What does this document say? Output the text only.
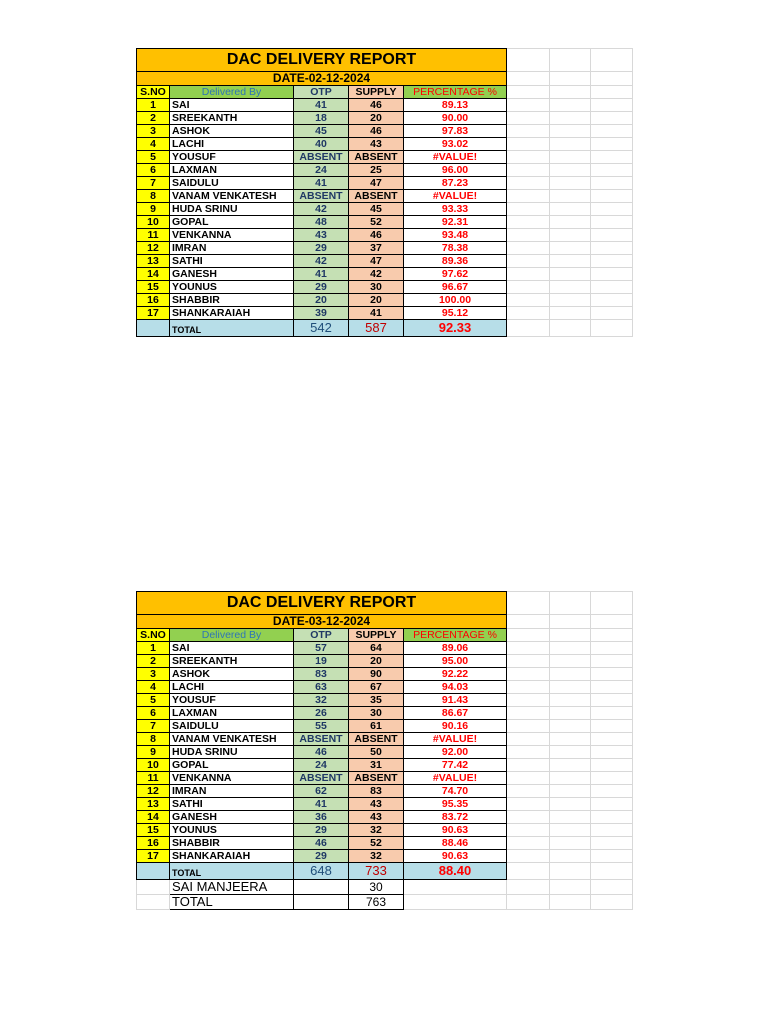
DAC DELIVERY REPORT							
DATE-02-12-2024							
S.NO	Delivered By	OTP	SUPPLY	PERCENTAGE %			
1	SAI	41	46	89.13			
2	SREEKANTH	18	20	90.00			
3	ASHOK	45	46	97.83			
4	LACHI	40	43	93.02			
5	YOUSUF	ABSENT	ABSENT	#VALUE!			
6	LAXMAN	24	25	96.00			
7	SAIDULU	41	47	87.23			
8	VANAM VENKATESH	ABSENT	ABSENT	#VALUE!			
9	HUDA SRINU	42	45	93.33			
10	GOPAL	48	52	92.31			
11	VENKANNA	43	46	93.48			
12	IMRAN	29	37	78.38			
13	SATHI	42	47	89.36			
14	GANESH	41	42	97.62			
15	YOUNUS	29	30	96.67			
16	SHABBIR	20	20	100.00			
17	SHANKARAIAH	39	41	95.12			
	TOTAL	542	587	92.33			
DAC DELIVERY REPORT							
DATE-03-12-2024							
S.NO	Delivered By	OTP	SUPPLY	PERCENTAGE %			
1	SAI	57	64	89.06			
2	SREEKANTH	19	20	95.00			
3	ASHOK	83	90	92.22			
4	LACHI	63	67	94.03			
5	YOUSUF	32	35	91.43			
6	LAXMAN	26	30	86.67			
7	SAIDULU	55	61	90.16			
8	VANAM VENKATESH	ABSENT	ABSENT	#VALUE!			
9	HUDA SRINU	46	50	92.00			
10	GOPAL	24	31	77.42			
11	VENKANNA	ABSENT	ABSENT	#VALUE!			
12	IMRAN	62	83	74.70			
13	SATHI	41	43	95.35			
14	GANESH	36	43	83.72			
15	YOUNUS	29	32	90.63			
16	SHABBIR	46	52	88.46			
17	SHANKARAIAH	29	32	90.63			
	TOTAL	648	733	88.40			
	SAI MANJEERA		30				
	TOTAL		763				
